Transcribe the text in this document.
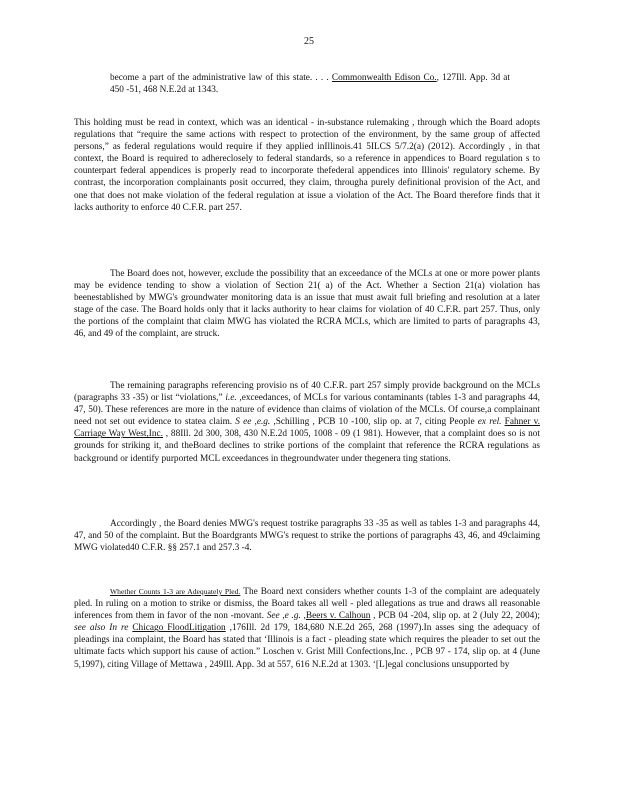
25

become a part of the administrative law of this state. . . . Commonwealth Edison Co., 127Ill. App. 3d at 450 -51, 468 N.E.2d at 1343.

This holding must be read in context, which was an identical - in-substance rulemaking , through which the Board adopts regulations that “require the same actions with respect to protection of the environment, by the same group of affected persons,” as federal regulations would require if they applied inIllinois.41 5ILCS 5/7.2(a) (2012). Accordingly , in that context, the Board is required to adhereclosely to federal standards, so a reference in appendices to Board regulation s to counterpart federal appendices is properly read to incorporate thefederal appendices into Illinois' regulatory scheme. By contrast, the incorporation complainants posit occurred, they claim, througha purely definitional provision of the Act, and one that does not make violation of the federal regulation at issue a violation of the Act. The Board therefore finds that it lacks authority to enforce 40 C.F.R. part 257.

The Board does not, however, exclude the possibility that an exceedance of the MCLs at one or more power plants may be evidence tending to show a violation of Section 21( a) of the Act. Whether a Section 21(a) violation has beenestablished by MWG's groundwater monitoring data is an issue that must await full briefing and resolution at a later stage of the case. The Board holds only that it lacks authority to hear claims for violation of 40 C.F.R. part 257. Thus, only the portions of the complaint that claim MWG has violated the RCRA MCLs, which are limited to parts of paragraphs 43, 46, and 49 of the complaint, are struck.

The remaining paragraphs referencing provisio ns of 40 C.F.R. part 257 simply provide background on the MCLs (paragraphs 33 -35) or list “violations,” i.e. ,exceedances, of MCLs for various contaminants (tables 1-3 and paragraphs 44, 47, 50). These references are more in the nature of evidence than claims of violation of the MCLs. Of course,a complainant need not set out evidence to statea claim. S ee ,e.g. ,Schilling , PCB 10 -100, slip op. at 7, citing People ex rel. Fahner v. Carriage Way West,Inc. , 88Ill. 2d 300, 308, 430 N.E.2d 1005, 1008 - 09 (1 981). However, that a complaint does so is not grounds for striking it, and theBoard declines to strike portions of the complaint that reference the RCRA regulations as background or identify purported MCL exceedances in thegroundwater under thegenera ting stations.

Accordingly , the Board denies MWG's request tostrike paragraphs 33 -35 as well as tables 1-3 and paragraphs 44, 47, and 50 of the complaint. But the Boardgrants MWG's request to strike the portions of paragraphs 43, 46, and 49claiming MWG violated40 C.F.R. §§ 257.1 and 257.3 -4.

Whether Counts 1-3 are Adequately Pled. The Board next considers whether counts 1-3 of the complaint are adequately pled. In ruling on a motion to strike or dismiss, the Board takes all well - pled allegations as true and draws all reasonable inferences from them in favor of the non -movant. See ,e .g. ,Beers v. Calhoun , PCB 04 -204, slip op. at 2 (July 22, 2004); see also In re Chicago FloodLitigation ,176Ill. 2d 179, 184,680 N.E.2d 265, 268 (1997).In asses sing the adequacy of pleadings ina complaint, the Board has stated that ‘Illinois is a fact - pleading state which requires the pleader to set out the ultimate facts which support his cause of action.” Loschen v. Grist Mill Confections,Inc. , PCB 97 - 174, slip op. at 4 (June 5,1997), citing Village of Mettawa , 249Ill. App. 3d at 557, 616 N.E.2d at 1303. ‘[L]egal conclusions unsupported by
